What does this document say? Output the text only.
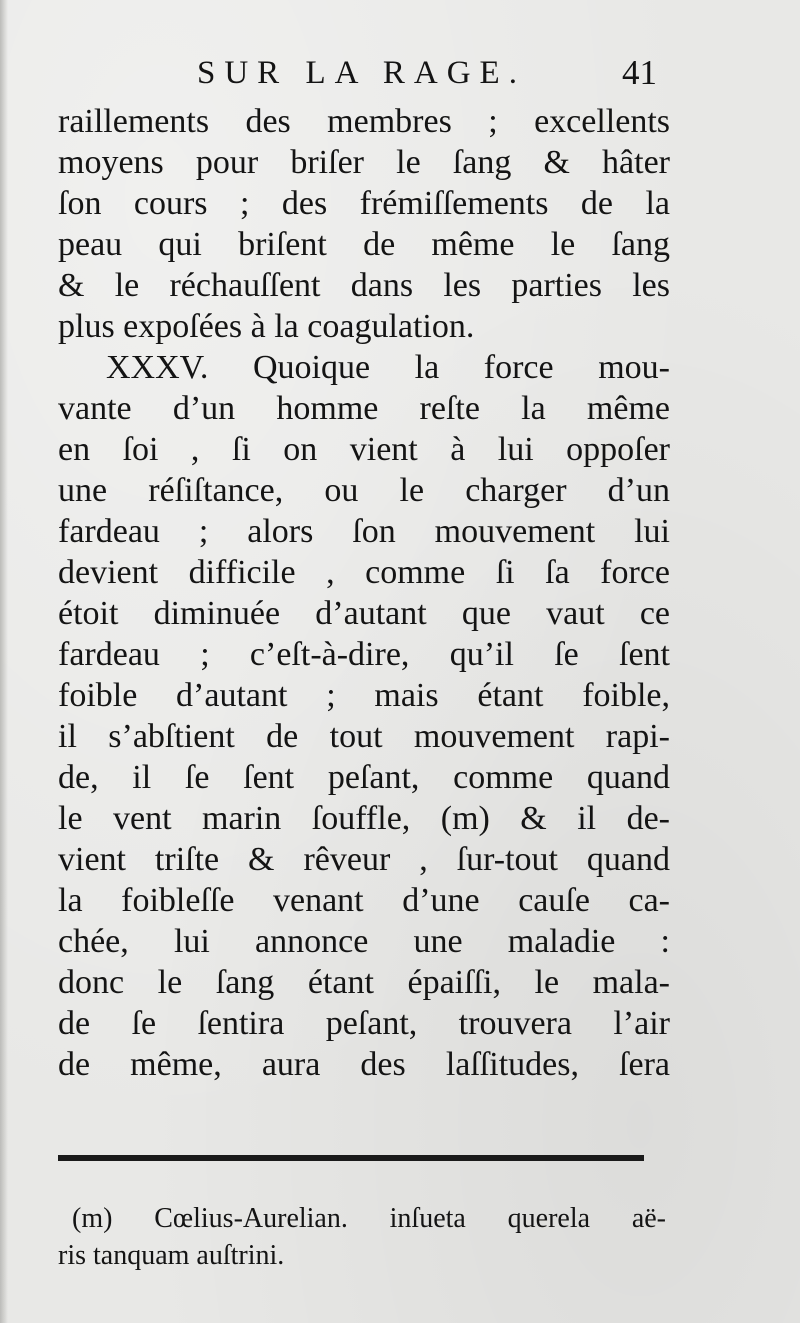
SUR LA RAGE.	41
raillements des membres ; excellents
moyens pour briſer le ſang & hâter
ſon cours ; des frémiſſements de la
peau qui briſent de même le ſang
& le réchauſſent dans les parties les
plus expoſées à la coagulation.
XXXV. Quoique la force mou-
vante d’un homme reſte la même
en ſoi , ſi on vient à lui oppoſer
une réſiſtance, ou le charger d’un
fardeau ; alors ſon mouvement lui
devient difficile , comme ſi ſa force
étoit diminuée d’autant que vaut ce
fardeau ; c’eſt-à-dire, qu’il ſe ſent
foible d’autant ; mais étant foible,
il s’abſtient de tout mouvement rapi-
de, il ſe ſent peſant, comme quand
le vent marin ſouffle, (m) & il de-
vient triſte & rêveur , ſur-tout quand
la foibleſſe venant d’une cauſe ca-
chée, lui annonce une maladie :
donc le ſang étant épaiſſi, le mala-
de ſe ſentira peſant, trouvera l’air
de même, aura des laſſitudes, ſera
(m) Cœlius-Aurelian. inſueta querela aë-
ris tanquam auſtrini.
